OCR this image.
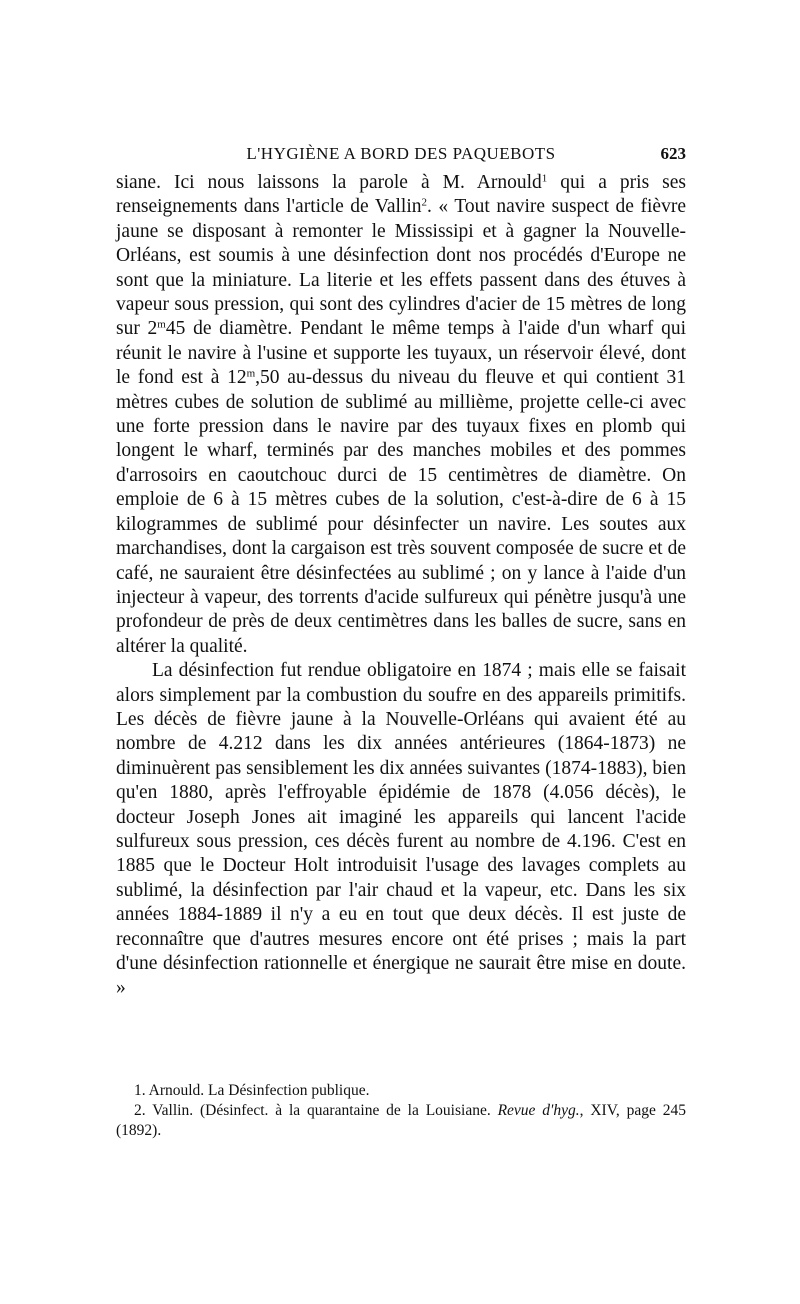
L'HYGIÈNE A BORD DES PAQUEBOTS	623

siane. Ici nous laissons la parole à M. Arnould$^1$ qui a pris ses renseignements dans l'article de Vallin$^2$. « Tout navire suspect de fièvre jaune se disposant à remonter le Mississipi et à gagner la Nouvelle-Orléans, est soumis à une désinfection dont nos procédés d'Europe ne sont que la miniature. La literie et les effets passent dans des étuves à vapeur sous pression, qui sont des cylindres d'acier de 15 mètres de long sur 2$^m$45 de diamètre. Pendant le même temps à l'aide d'un wharf qui réunit le navire à l'usine et supporte les tuyaux, un réservoir élevé, dont le fond est à 12$^m$,50 au-dessus du niveau du fleuve et qui contient 31 mètres cubes de solution de sublimé au millième, projette celle-ci avec une forte pression dans le navire par des tuyaux fixes en plomb qui longent le wharf, terminés par des manches mobiles et des pommes d'arrosoirs en caoutchouc durci de 15 centimètres de diamètre. On emploie de 6 à 15 mètres cubes de la solution, c'est-à-dire de 6 à 15 kilogrammes de sublimé pour désinfecter un navire. Les soutes aux marchandises, dont la cargaison est très souvent composée de sucre et de café, ne sauraient être désinfectées au sublimé ; on y lance à l'aide d'un injecteur à vapeur, des torrents d'acide sulfureux qui pénètre jusqu'à une profondeur de près de deux centimètres dans les balles de sucre, sans en altérer la qualité.

La désinfection fut rendue obligatoire en 1874 ; mais elle se faisait alors simplement par la combustion du soufre en des appareils primitifs. Les décès de fièvre jaune à la Nouvelle-Orléans qui avaient été au nombre de 4.212 dans les dix années antérieures (1864-1873) ne diminuèrent pas sensiblement les dix années suivantes (1874-1883), bien qu'en 1880, après l'effroyable épidémie de 1878 (4.056 décès), le docteur Joseph Jones ait imaginé les appareils qui lancent l'acide sulfureux sous pression, ces décès furent au nombre de 4.196. C'est en 1885 que le Docteur Holt introduisit l'usage des lavages complets au sublimé, la désinfection par l'air chaud et la vapeur, etc. Dans les six années 1884-1889 il n'y a eu en tout que deux décès. Il est juste de reconnaître que d'autres mesures encore ont été prises ; mais la part d'une désinfection rationnelle et énergique ne saurait être mise en doute. »

1. Arnould. La Désinfection publique.

2. Vallin. (Désinfect. à la quarantaine de la Louisiane. Revue d'hyg., XIV, page 245 (1892).
